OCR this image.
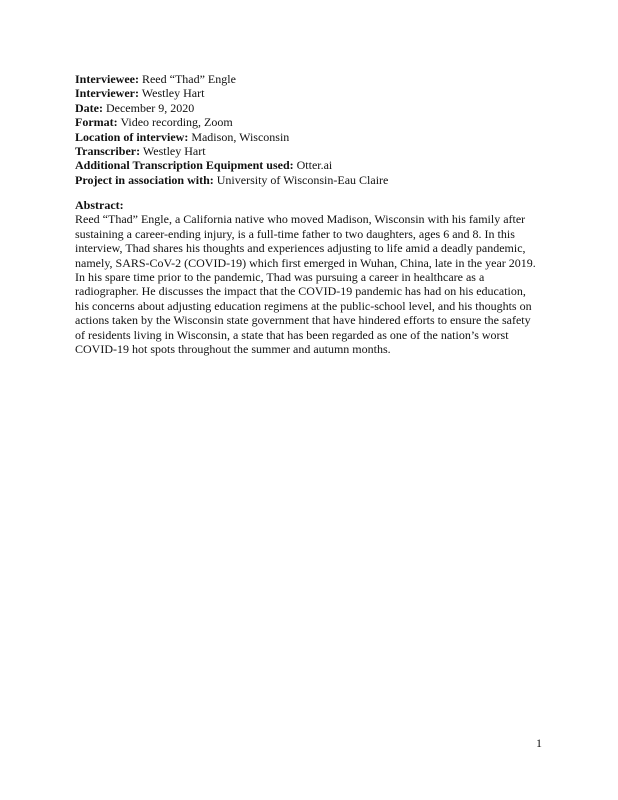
Interviewee: Reed “Thad” Engle
Interviewer: Westley Hart
Date: December 9, 2020
Format: Video recording, Zoom
Location of interview: Madison, Wisconsin
Transcriber: Westley Hart
Additional Transcription Equipment used: Otter.ai
Project in association with: University of Wisconsin-Eau Claire

Abstract:

Reed “Thad” Engle, a California native who moved Madison, Wisconsin with his family after
sustaining a career-ending injury, is a full-time father to two daughters, ages 6 and 8. In this
interview, Thad shares his thoughts and experiences adjusting to life amid a deadly pandemic,
namely, SARS-CoV-2 (COVID-19) which first emerged in Wuhan, China, late in the year 2019.
In his spare time prior to the pandemic, Thad was pursuing a career in healthcare as a
radiographer. He discusses the impact that the COVID-19 pandemic has had on his education,
his concerns about adjusting education regimens at the public-school level, and his thoughts on
actions taken by the Wisconsin state government that have hindered efforts to ensure the safety
of residents living in Wisconsin, a state that has been regarded as one of the nation’s worst
COVID-19 hot spots throughout the summer and autumn months.

1
